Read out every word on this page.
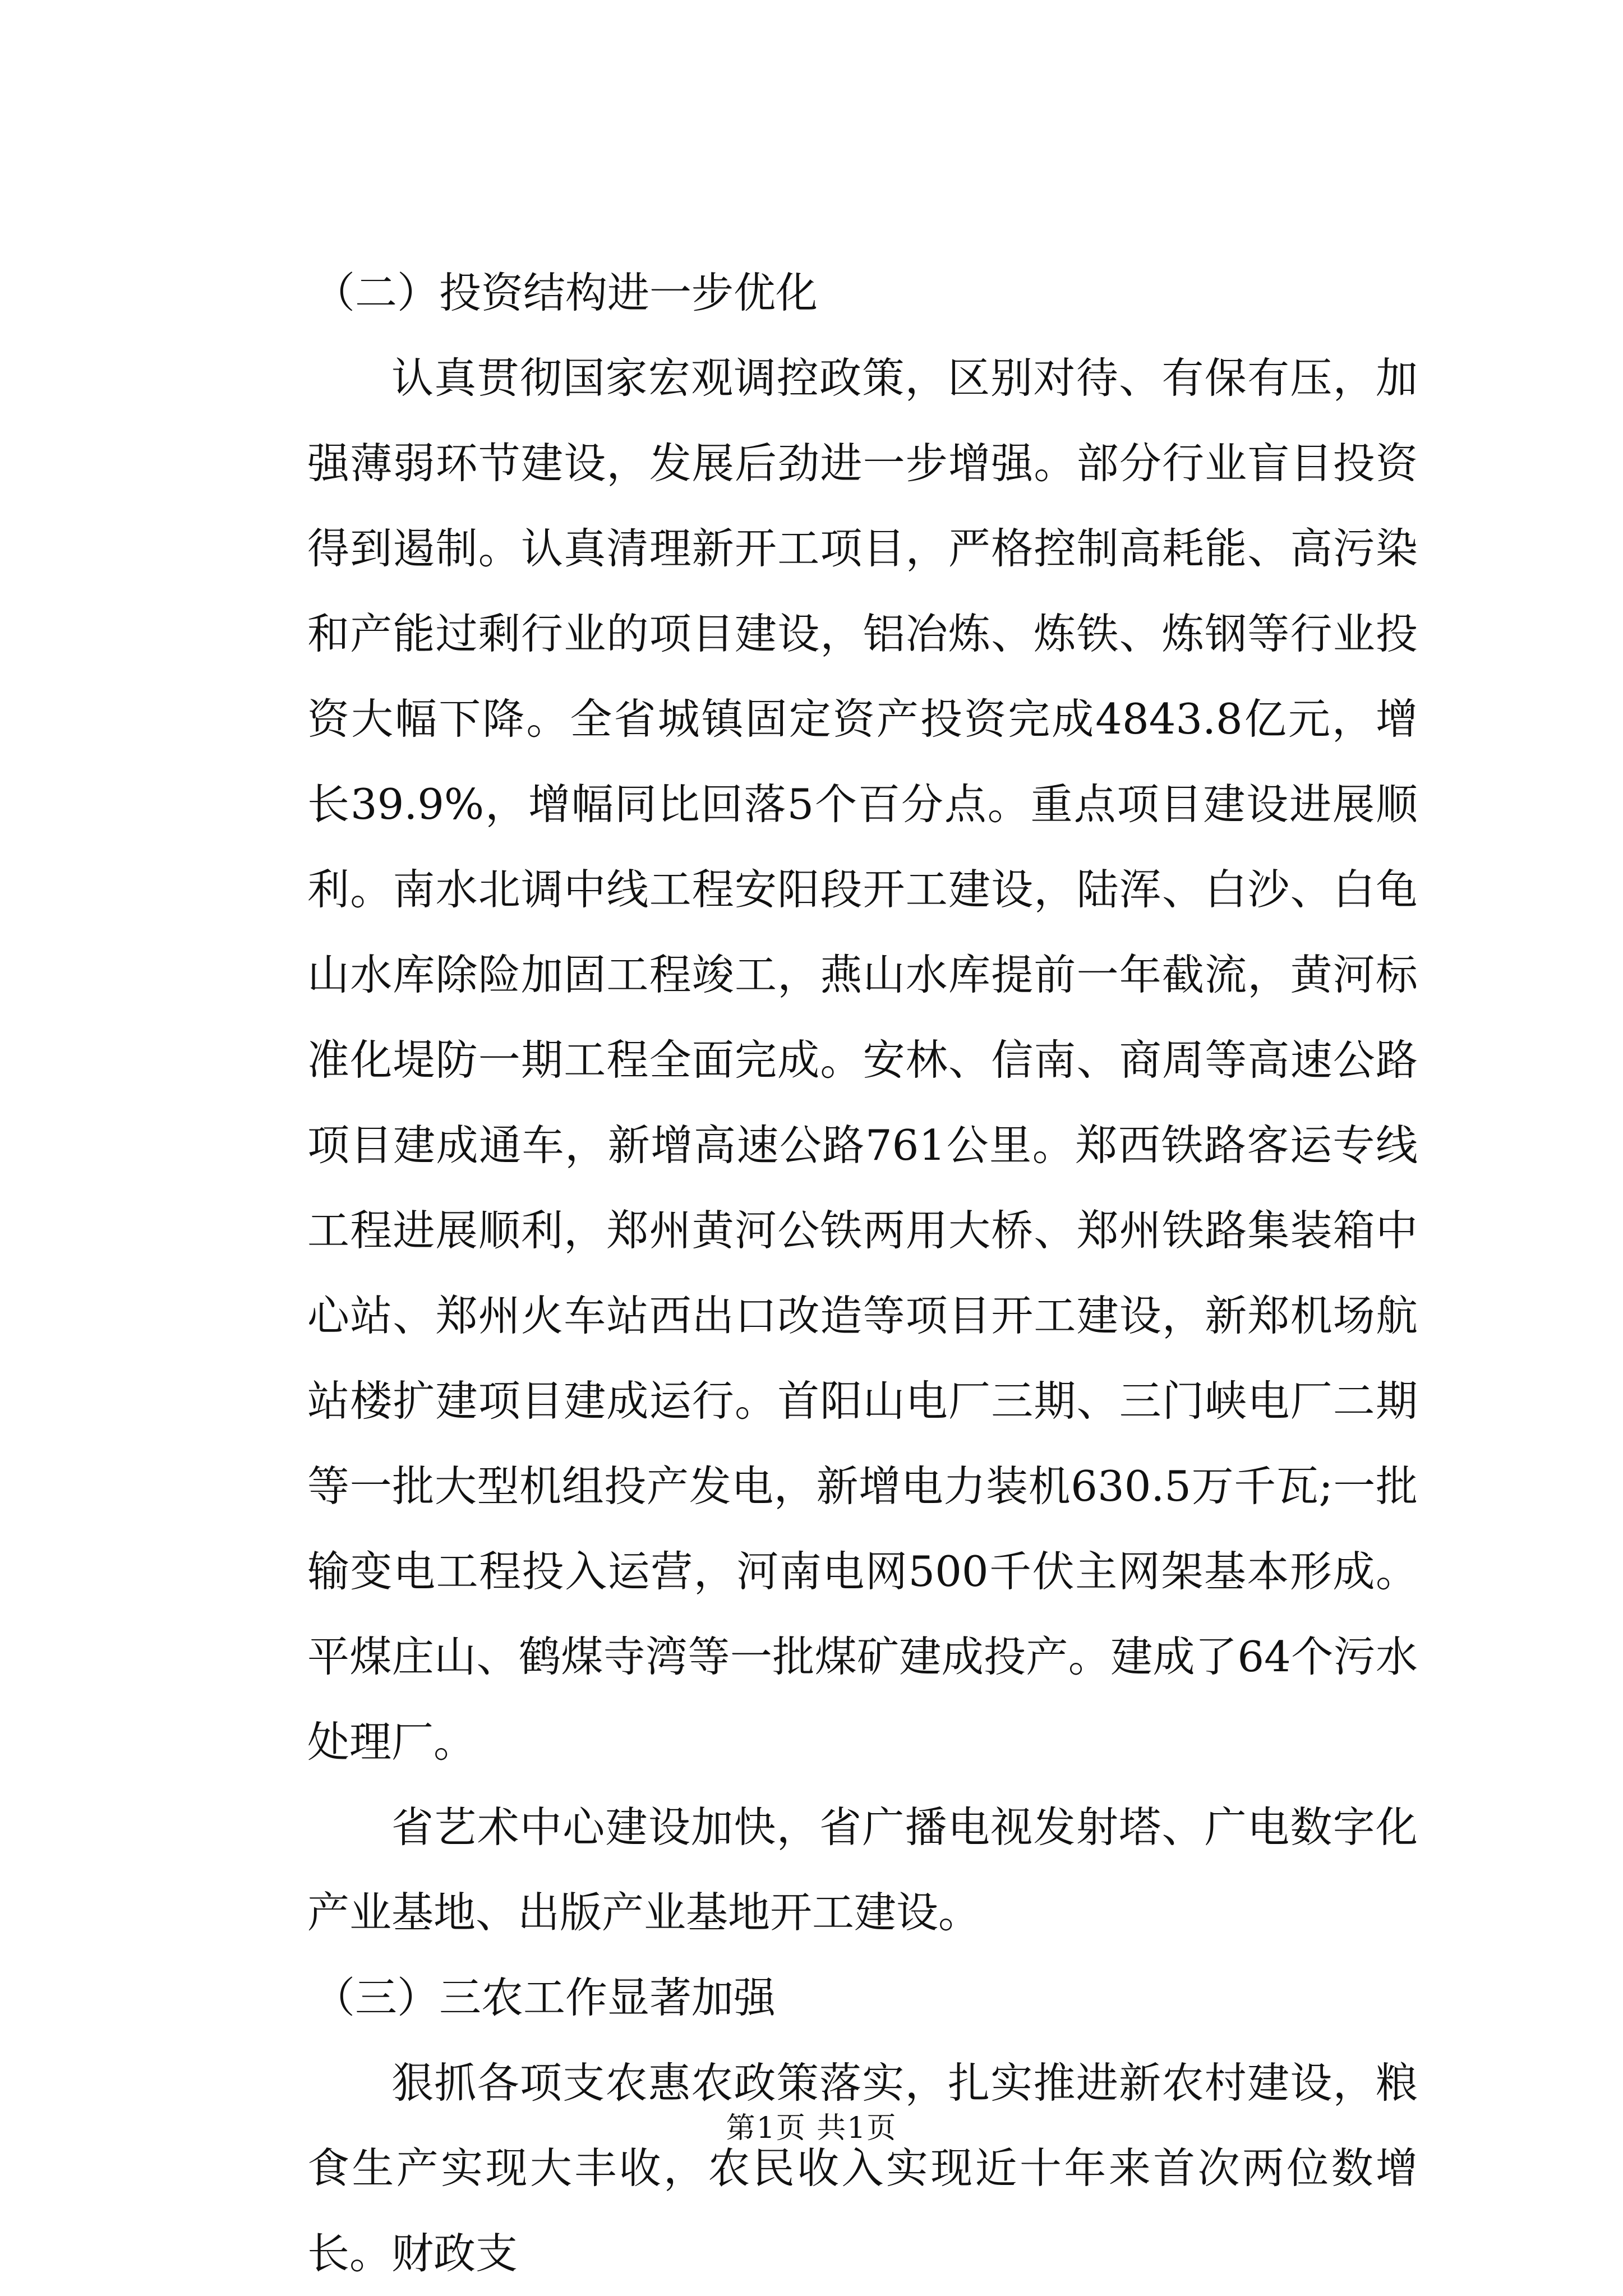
（二）投资结构进一步优化

认真贯彻国家宏观调控政策，区别对待、有保有压，加强薄弱环节建设，发展后劲进一步增强。部分行业盲目投资得到遏制。认真清理新开工项目，严格控制高耗能、高污染和产能过剩行业的项目建设，铝冶炼、炼铁、炼钢等行业投资大幅下降。全省城镇固定资产投资完成4843.8亿元，增长39.9%，增幅同比回落5个百分点。重点项目建设进展顺利。南水北调中线工程安阳段开工建设，陆浑、白沙、白龟山水库除险加固工程竣工，燕山水库提前一年截流，黄河标准化堤防一期工程全面完成。安林、信南、商周等高速公路项目建成通车，新增高速公路761公里。郑西铁路客运专线工程进展顺利，郑州黄河公铁两用大桥、郑州铁路集装箱中心站、郑州火车站西出口改造等项目开工建设，新郑机场航站楼扩建项目建成运行。首阳山电厂三期、三门峡电厂二期等一批大型机组投产发电，新增电力装机630.5万千瓦;一批输变电工程投入运营，河南电网500千伏主网架基本形成。平煤庄山、鹤煤寺湾等一批煤矿建成投产。建成了64个污水处理厂。

省艺术中心建设加快，省广播电视发射塔、广电数字化产业基地、出版产业基地开工建设。

（三）三农工作显著加强

狠抓各项支农惠农政策落实，扎实推进新农村建设，粮食生产实现大丰收，农民收入实现近十年来首次两位数增长。财政支

第1页 共1页
